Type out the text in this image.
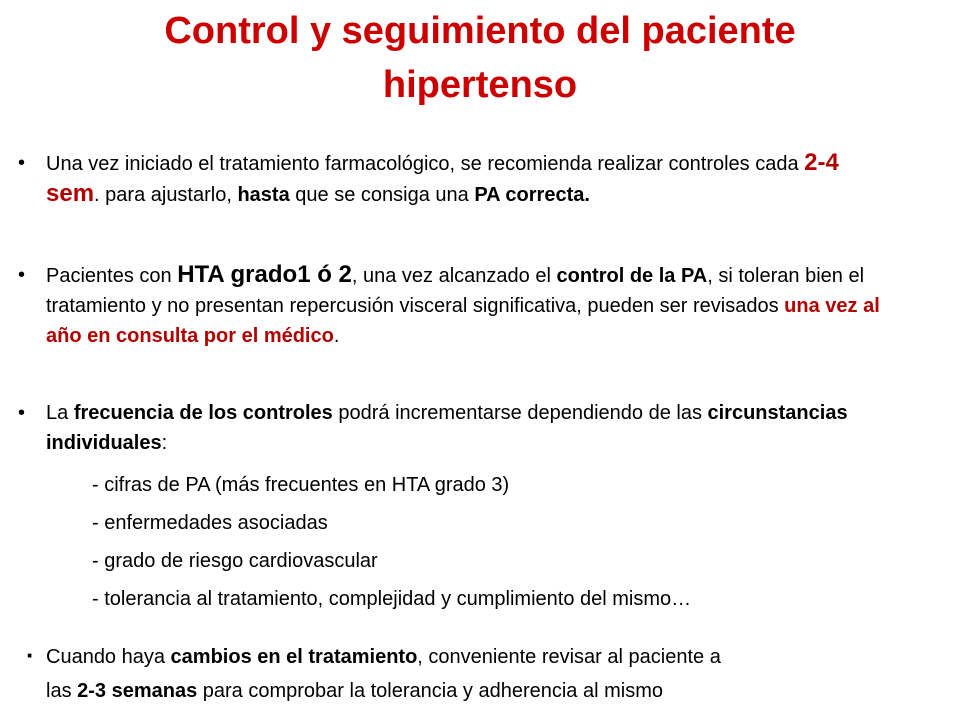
Control y seguimiento del paciente
hipertenso
•	Una vez iniciado el tratamiento farmacológico, se recomienda realizar controles cada 2-4 sem. para ajustarlo, hasta que se consiga una PA correcta.
•	Pacientes con HTA grado1 ó 2, una vez alcanzado el control de la PA, si toleran bien el tratamiento y no presentan repercusión visceral significativa, pueden ser revisados una vez al año en consulta por el médico.
•	La frecuencia de los controles podrá incrementarse dependiendo de las circunstancias individuales:
- cifras de PA (más frecuentes en HTA grado 3)
- enfermedades asociadas
- grado de riesgo cardiovascular
- tolerancia al tratamiento, complejidad y cumplimiento del mismo…
· Cuando haya cambios en el tratamiento, conveniente revisar al paciente a
las 2-3 semanas para comprobar la tolerancia y adherencia al mismo
